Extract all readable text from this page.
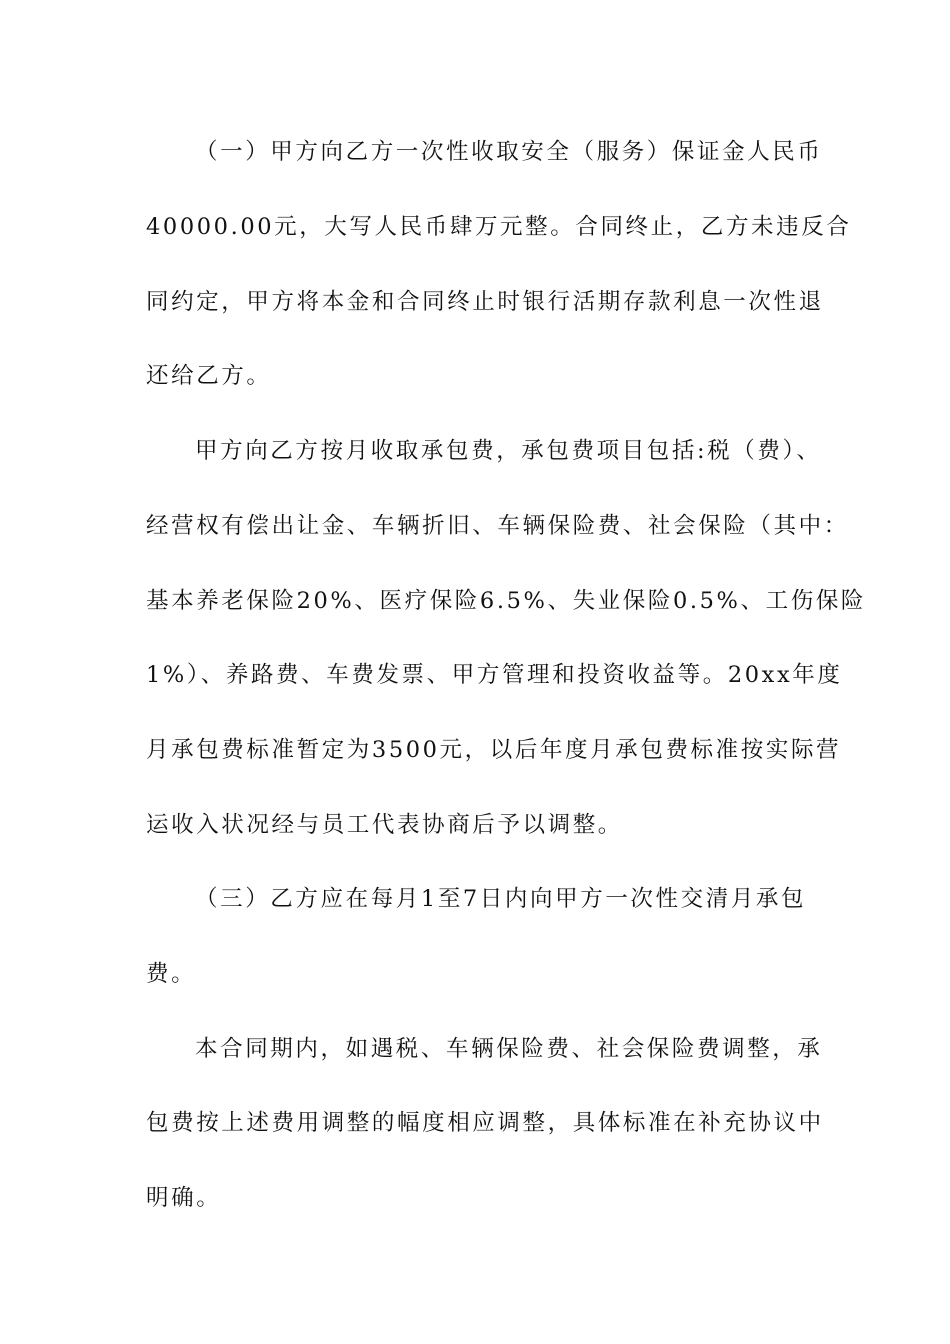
（一）甲方向乙方一次性收取安全（服务）保证金人民币
40000.00元，大写人民币肆万元整。合同终止，乙方未违反合
同约定，甲方将本金和合同终止时银行活期存款利息一次性退
还给乙方。
甲方向乙方按月收取承包费，承包费项目包括:税（费）、
经营权有偿出让金、车辆折旧、车辆保险费、社会保险（其中：
基本养老保险20%、医疗保险6.5%、失业保险0.5%、工伤保险
1%）、养路费、车费发票、甲方管理和投资收益等。20xx年度
月承包费标准暂定为3500元，以后年度月承包费标准按实际营
运收入状况经与员工代表协商后予以调整。
（三）乙方应在每月1至7日内向甲方一次性交清月承包
费。
本合同期内，如遇税、车辆保险费、社会保险费调整，承
包费按上述费用调整的幅度相应调整，具体标准在补充协议中
明确。
